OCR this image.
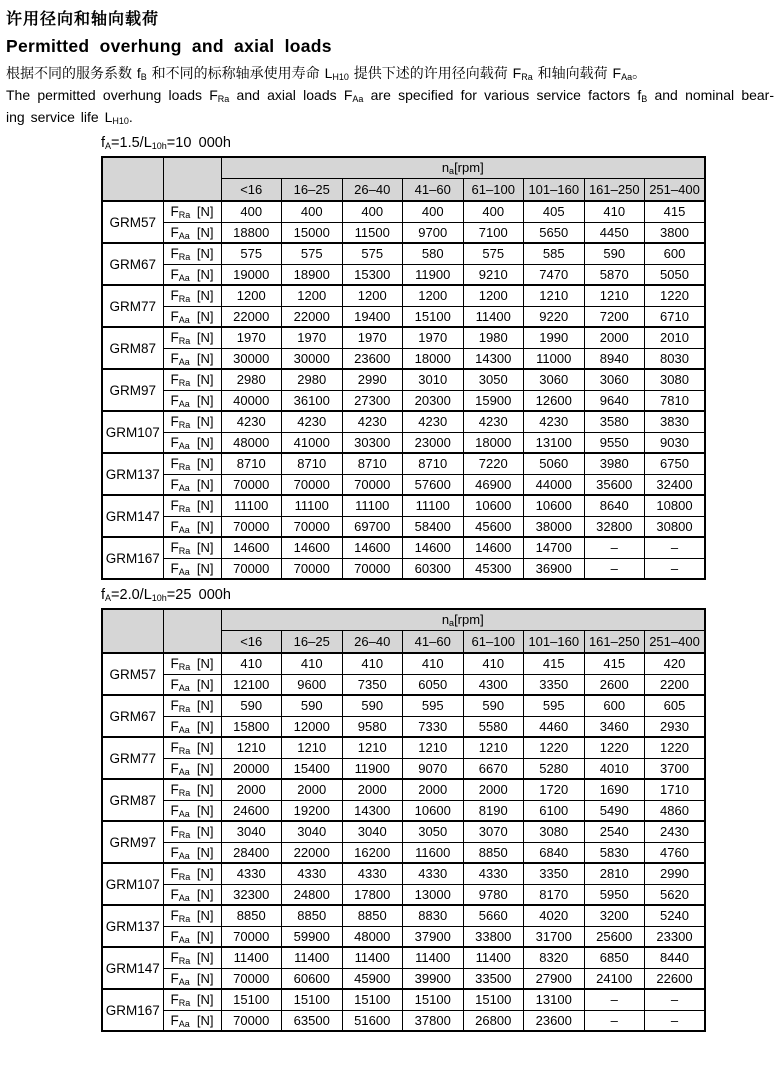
许用径向和轴向载荷
Permitted overhung and axial loads

根据不同的服务系数 $f_B$ 和不同的标称轴承使用寿命 $L_{H10}$ 提供下述的许用径向载荷 $F_{Ra}$ 和轴向载荷 $F_{Aa}$。

The permitted overhung loads $F_{Ra}$ and axial loads $F_{Aa}$ are specified for various service factors $f_B$ and nominal bear-

ing service life $L_{H10}$.

$f_A=1.5/L_{10h}=10$ 000h
		$n_a[rpm]$							
		<16	16–25	26–40	41–60	61–100	101–160	161–250	251–400
GRM57	$F_{Ra}$ [N]	400	400	400	400	400	405	410	415

	$F_{Aa}$ [N]	18800	15000	11500	9700	7100	5650	4450	3800
GRM67	$F_{Ra}$ [N]	575	575	575	580	575	585	590	600

	$F_{Aa}$ [N]	19000	18900	15300	11900	9210	7470	5870	5050
GRM77	$F_{Ra}$ [N]	1200	1200	1200	1200	1200	1210	1210	1220

	$F_{Aa}$ [N]	22000	22000	19400	15100	11400	9220	7200	6710
GRM87	$F_{Ra}$ [N]	1970	1970	1970	1970	1980	1990	2000	2010

	$F_{Aa}$ [N]	30000	30000	23600	18000	14300	11000	8940	8030
GRM97	$F_{Ra}$ [N]	2980	2980	2990	3010	3050	3060	3060	3080

	$F_{Aa}$ [N]	40000	36100	27300	20300	15900	12600	9640	7810
GRM107	$F_{Ra}$ [N]	4230	4230	4230	4230	4230	4230	3580	3830

	$F_{Aa}$ [N]	48000	41000	30300	23000	18000	13100	9550	9030
GRM137	$F_{Ra}$ [N]	8710	8710	8710	8710	7220	5060	3980	6750

	$F_{Aa}$ [N]	70000	70000	70000	57600	46900	44000	35600	32400
GRM147	$F_{Ra}$ [N]	11100	11100	11100	11100	10600	10600	8640	10800

	$F_{Aa}$ [N]	70000	70000	69700	58400	45600	38000	32800	30800
GRM167	$F_{Ra}$ [N]	14600	14600	14600	14600	14600	14700	–	–

	$F_{Aa}$ [N]	70000	70000	70000	60300	45300	36900	–	–
$f_A=2.0/L_{10h}=25$ 000h
		$n_a[rpm]$							
		<16	16–25	26–40	41–60	61–100	101–160	161–250	251–400
GRM57	$F_{Ra}$ [N]	410	410	410	410	410	415	415	420

	$F_{Aa}$ [N]	12100	9600	7350	6050	4300	3350	2600	2200
GRM67	$F_{Ra}$ [N]	590	590	590	595	590	595	600	605

	$F_{Aa}$ [N]	15800	12000	9580	7330	5580	4460	3460	2930
GRM77	$F_{Ra}$ [N]	1210	1210	1210	1210	1210	1220	1220	1220

	$F_{Aa}$ [N]	20000	15400	11900	9070	6670	5280	4010	3700
GRM87	$F_{Ra}$ [N]	2000	2000	2000	2000	2000	1720	1690	1710

	$F_{Aa}$ [N]	24600	19200	14300	10600	8190	6100	5490	4860
GRM97	$F_{Ra}$ [N]	3040	3040	3040	3050	3070	3080	2540	2430

	$F_{Aa}$ [N]	28400	22000	16200	11600	8850	6840	5830	4760
GRM107	$F_{Ra}$ [N]	4330	4330	4330	4330	4330	3350	2810	2990

	$F_{Aa}$ [N]	32300	24800	17800	13000	9780	8170	5950	5620
GRM137	$F_{Ra}$ [N]	8850	8850	8850	8830	5660	4020	3200	5240

	$F_{Aa}$ [N]	70000	59900	48000	37900	33800	31700	25600	23300
GRM147	$F_{Ra}$ [N]	11400	11400	11400	11400	11400	8320	6850	8440

	$F_{Aa}$ [N]	70000	60600	45900	39900	33500	27900	24100	22600
GRM167	$F_{Ra}$ [N]	15100	15100	15100	15100	15100	13100	–	–

	$F_{Aa}$ [N]	70000	63500	51600	37800	26800	23600	–	–
